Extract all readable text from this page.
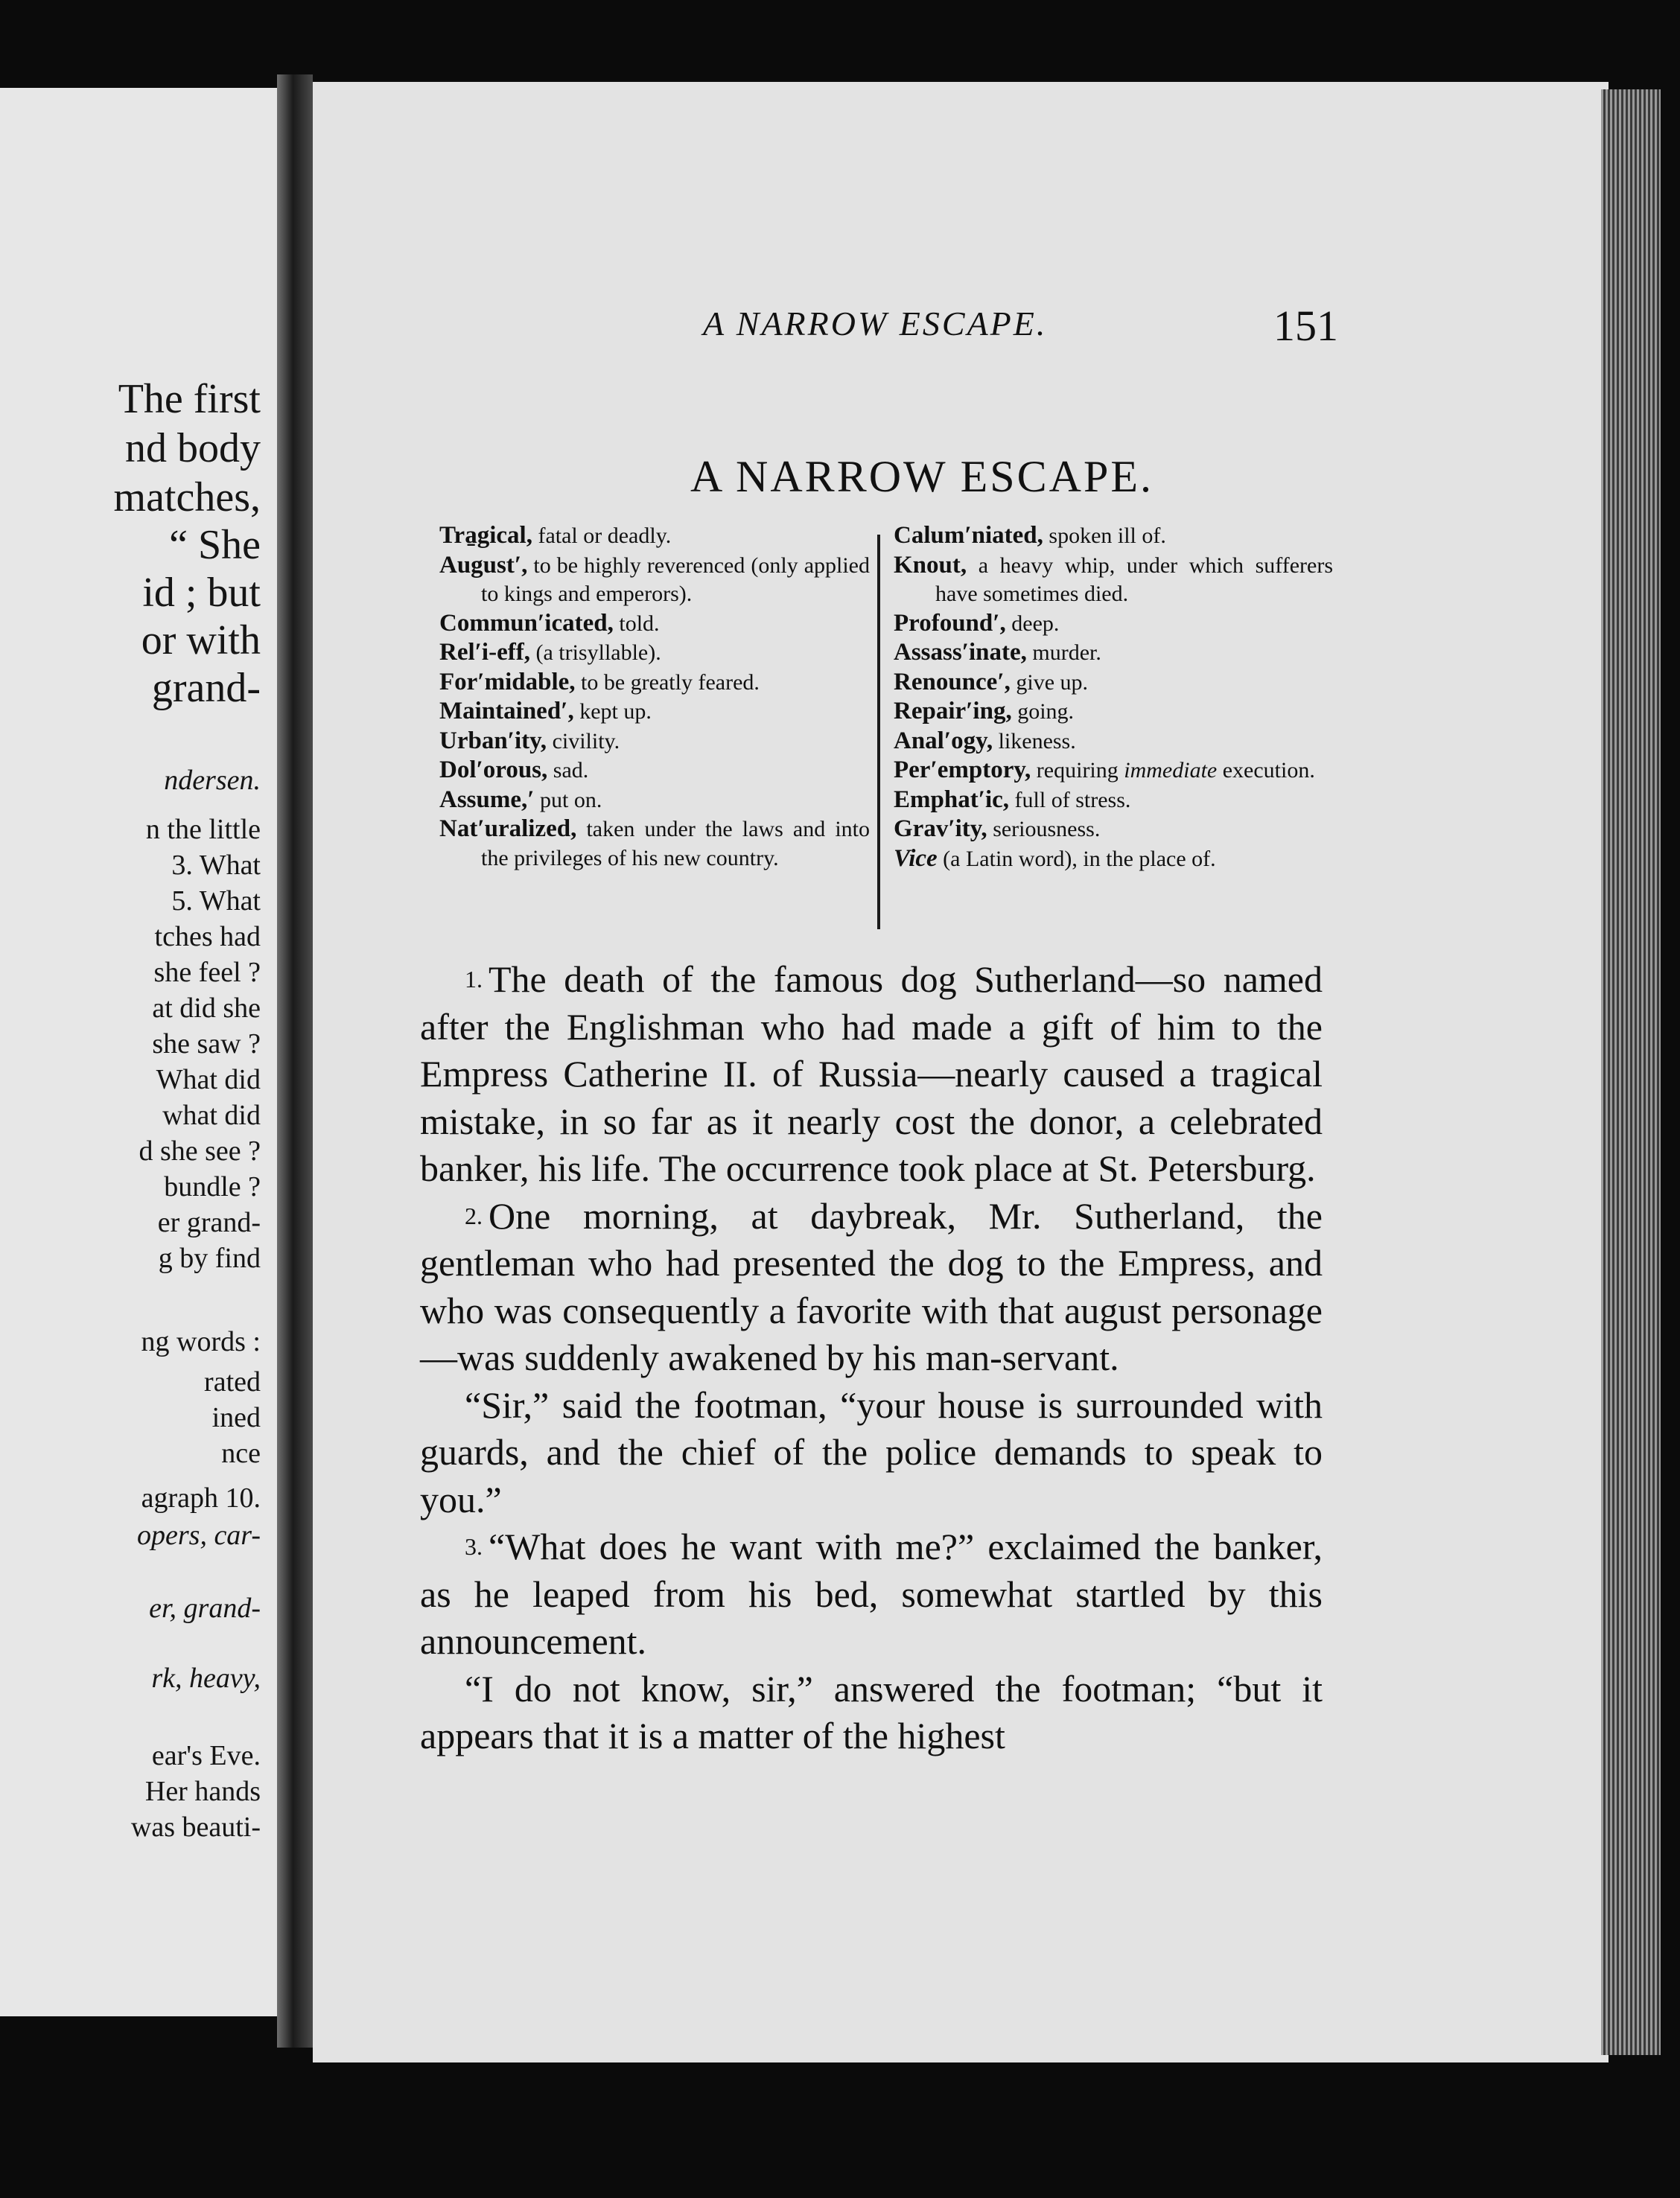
The first
nd body
matches,
“ She
id ; but
or with
grand-
ndersen.
n the little
3. What
5. What
tches had
she feel ?
at did she
she saw ?
What did
what did
d she see ?
bundle ?
er grand-
g by find
ng words :
rated
ined
nce
agraph 10.
opers, car-
er, grand-
rk, heavy,
ear's Eve.
Her hands
was beauti-
A NARROW ESCAPE.	151
A NARROW ESCAPE.
Tra̱gical, fatal or deadly.
August′, to be highly reverenced (only applied to kings and emperors).
Commun′icated, told.
Rel′i-eff, (a trisyllable).
For′midable, to be greatly feared.
Maintained′, kept up.
Urban′ity, civility.
Dol′orous, sad.
Assume,′ put on.
Nat′uralized, taken under the laws and into the privileges of his new country.
Calum′niated, spoken ill of.
Knout, a heavy whip, under which sufferers have sometimes died.
Profound′, deep.
Assass′inate, murder.
Renounce′, give up.
Repair′ing, going.
Anal′ogy, likeness.
Per′emptory, requiring immediate execution.
Emphat′ic, full of stress.
Grav′ity, seriousness.
Vice (a Latin word), in the place of.

1. The death of the famous dog Sutherland—so named after the Englishman who had made a gift of him to the Empress Catherine II. of Russia—nearly caused a tragical mistake, in so far as it nearly cost the donor, a celebrated banker, his life. The occurrence took place at St. Petersburg.

2. One morning, at daybreak, Mr. Sutherland, the gentleman who had presented the dog to the Empress, and who was consequently a favorite with that august personage—was suddenly awakened by his man-servant.

“Sir,” said the footman, “your house is surrounded with guards, and the chief of the police demands to speak to you.”

3. “What does he want with me?” exclaimed the banker, as he leaped from his bed, somewhat startled by this announcement.

“I do not know, sir,” answered the footman; “but it appears that it is a matter of the highest
